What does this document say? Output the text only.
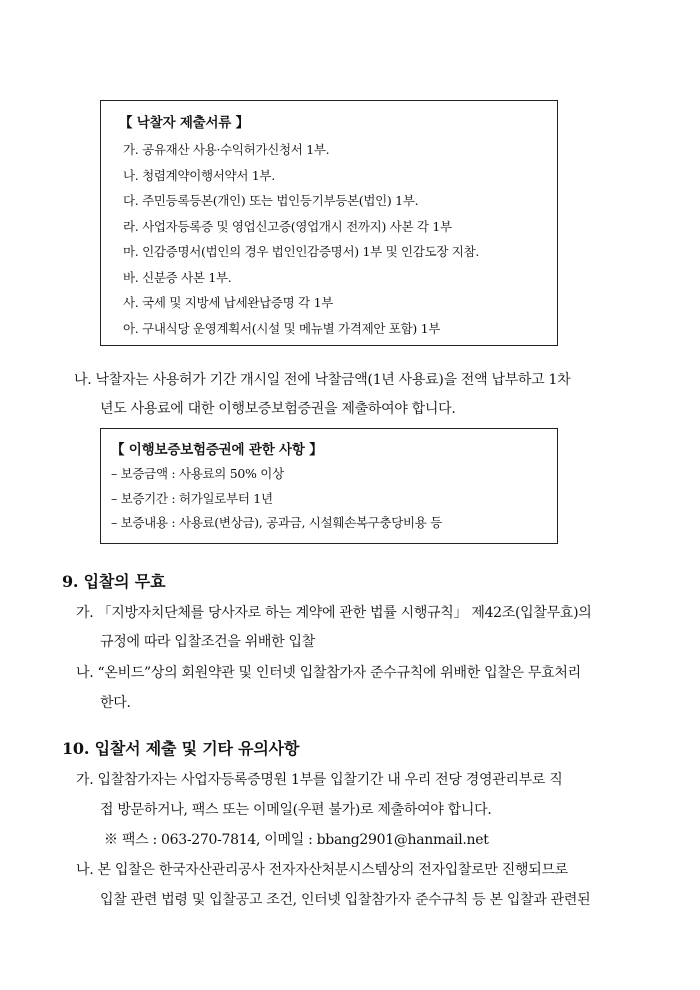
【 낙찰자 제출서류 】
가. 공유재산 사용·수익허가신청서 1부.
나. 청렴계약이행서약서 1부.
다. 주민등록등본(개인) 또는 법인등기부등본(법인) 1부.
라. 사업자등록증 및 영업신고증(영업개시 전까지) 사본 각 1부
마. 인감증명서(법인의 경우 법인인감증명서) 1부 및 인감도장 지참.
바. 신분증 사본 1부.
사. 국세 및 지방세 납세완납증명 각 1부
아. 구내식당 운영계획서(시설 및 메뉴별 가격제안 포함) 1부
나. 낙찰자는 사용허가 기간 개시일 전에 낙찰금액(1년 사용료)을 전액 납부하고 1차
년도 사용료에 대한 이행보증보험증권을 제출하여야 합니다.
【 이행보증보험증권에 관한 사항 】
– 보증금액 : 사용료의 50% 이상
– 보증기간 : 허가일로부터 1년
– 보증내용 : 사용료(변상금), 공과금, 시설훼손복구충당비용 등
9. 입찰의 무효
가. 「지방자치단체를 당사자로 하는 계약에 관한 법률 시행규칙」 제42조(입찰무효)의
규정에 따라 입찰조건을 위배한 입찰
나. “온비드”상의 회원약관 및 인터넷 입찰참가자 준수규칙에 위배한 입찰은 무효처리
한다.
10. 입찰서 제출 및 기타 유의사항
가. 입찰참가자는 사업자등록증명원 1부를 입찰기간 내 우리 전당 경영관리부로 직
접 방문하거나, 팩스 또는 이메일(우편 불가)로 제출하여야 합니다.
※ 팩스 : 063-270-7814, 이메일 : bbang2901@hanmail.net
나. 본 입찰은 한국자산관리공사 전자자산처분시스템상의 전자입찰로만 진행되므로
입찰 관련 법령 및 입찰공고 조건, 인터넷 입찰참가자 준수규칙 등 본 입찰과 관련된
